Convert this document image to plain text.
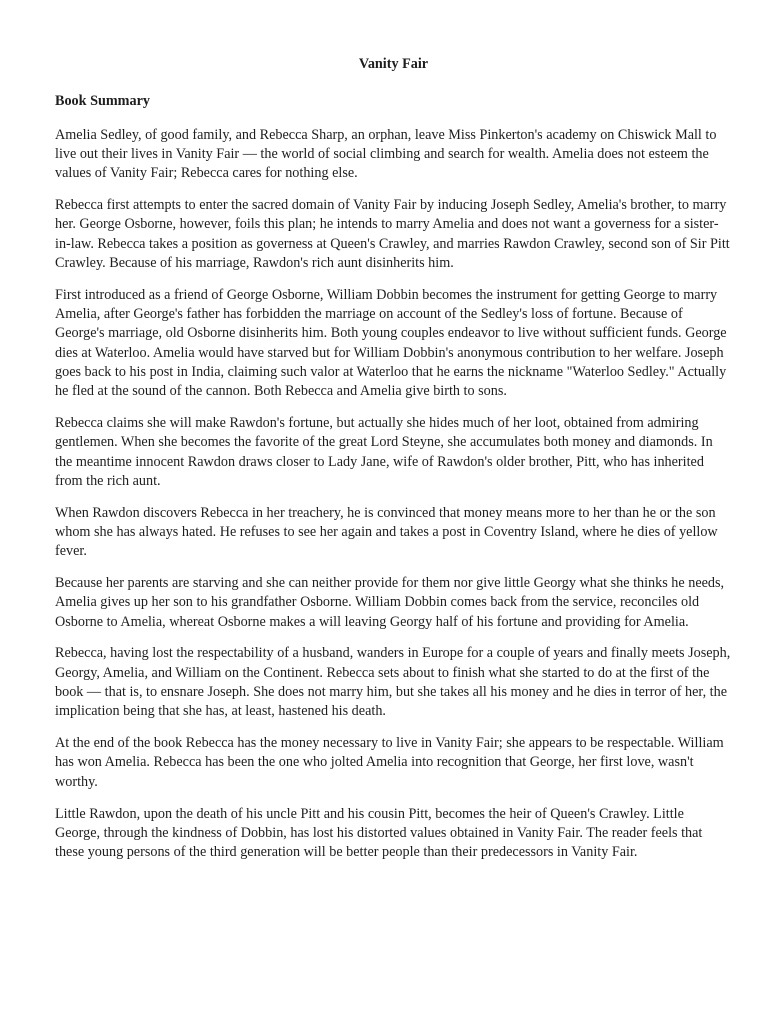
Vanity Fair
Book Summary

Amelia Sedley, of good family, and Rebecca Sharp, an orphan, leave Miss Pinkerton's academy on Chiswick Mall to live out their lives in Vanity Fair — the world of social climbing and search for wealth. Amelia does not esteem the values of Vanity Fair; Rebecca cares for nothing else.

Rebecca first attempts to enter the sacred domain of Vanity Fair by inducing Joseph Sedley, Amelia's brother, to marry her. George Osborne, however, foils this plan; he intends to marry Amelia and does not want a governess for a sister-in-law. Rebecca takes a position as governess at Queen's Crawley, and marries Rawdon Crawley, second son of Sir Pitt Crawley. Because of his marriage, Rawdon's rich aunt disinherits him.

First introduced as a friend of George Osborne, William Dobbin becomes the instrument for getting George to marry Amelia, after George's father has forbidden the marriage on account of the Sedley's loss of fortune. Because of George's marriage, old Osborne disinherits him. Both young couples endeavor to live without sufficient funds. George dies at Waterloo. Amelia would have starved but for William Dobbin's anonymous contribution to her welfare. Joseph goes back to his post in India, claiming such valor at Waterloo that he earns the nickname "Waterloo Sedley." Actually he fled at the sound of the cannon. Both Rebecca and Amelia give birth to sons.

Rebecca claims she will make Rawdon's fortune, but actually she hides much of her loot, obtained from admiring gentlemen. When she becomes the favorite of the great Lord Steyne, she accumulates both money and diamonds. In the meantime innocent Rawdon draws closer to Lady Jane, wife of Rawdon's older brother, Pitt, who has inherited from the rich aunt.

When Rawdon discovers Rebecca in her treachery, he is convinced that money means more to her than he or the son whom she has always hated. He refuses to see her again and takes a post in Coventry Island, where he dies of yellow fever.

Because her parents are starving and she can neither provide for them nor give little Georgy what she thinks he needs, Amelia gives up her son to his grandfather Osborne. William Dobbin comes back from the service, reconciles old Osborne to Amelia, whereat Osborne makes a will leaving Georgy half of his fortune and providing for Amelia.

Rebecca, having lost the respectability of a husband, wanders in Europe for a couple of years and finally meets Joseph, Georgy, Amelia, and William on the Continent. Rebecca sets about to finish what she started to do at the first of the book — that is, to ensnare Joseph. She does not marry him, but she takes all his money and he dies in terror of her, the implication being that she has, at least, hastened his death.

At the end of the book Rebecca has the money necessary to live in Vanity Fair; she appears to be respectable. William has won Amelia. Rebecca has been the one who jolted Amelia into recognition that George, her first love, wasn't worthy.

Little Rawdon, upon the death of his uncle Pitt and his cousin Pitt, becomes the heir of Queen's Crawley. Little George, through the kindness of Dobbin, has lost his distorted values obtained in Vanity Fair. The reader feels that these young persons of the third generation will be better people than their predecessors in Vanity Fair.
